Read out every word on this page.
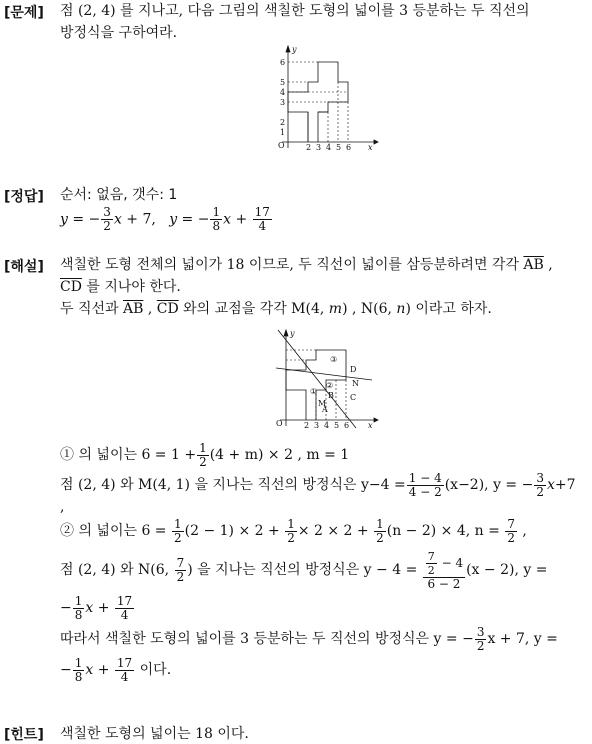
[문제] 점 (2, 4) 를 지나고, 다음 그림의 색칠한 도형의 넓이를 3 등분하는 두 직선의
방정식을 구하여라.
O	2 3 4 5 6 x
y
1
2
3
4
5
6
[정답] 순서: 없음, 갯수: 1
y = − $\frac{3}{2}$ x + 7,   y = − $\frac{1}{8}$ $x + \frac{17}{4}$
[해설] 색칠한 도형 전체의 넓이가 18 이므로, 두 직선이 넓이를 삼등분하려면 각각 $\overline{AB}$ ,
$\overline{CD}$ 를 지나야 한다.
두 직선과 $\overline{AB}$ , $\overline{CD}$ 와의 교점을 각각 M(4, m) , N(6, n) 이라고 하자.
O	2 3 4 5 6 x
y
D
N
B C
M
A
①
②
③
① 의 넓이는 $6 = 1 + \frac{1}{2} (4 + m) \times 2$ , m = 1
점 (2, 4) 와 M(4, 1) 을 지나는 직선의 방정식은 $y-4 = \frac{1 - 4}{4 - 2} (x-2)$, y = − $\frac{3}{2} x+7$
,
② 의 넓이는 $6 = \frac{1}{2} (2 - 1) \times 2 + \frac{1}{2} \times 2 \times 2 + \frac{1}{2} (n - 2) \times 4$, $n = \frac{7}{2}$ ,
점 (2, 4) 와 N(6, $\frac{7}{2}$ ) 을 지나는 직선의 방정식은 $y - 4 = \frac{\frac{7}{2} - 4}{6 - 2} (x - 2)$, y =
− $\frac{1}{8}$ $x + \frac{17}{4}$
따라서 색칠한 도형의 넓이를 3 등분하는 두 직선의 방정식은 y = − $\frac{3}{2}$ x + 7, y =
− $\frac{1}{8}$ $x + \frac{17}{4}$ 이다.
[힌트] 색칠한 도형의 넓이는 18 이다.
